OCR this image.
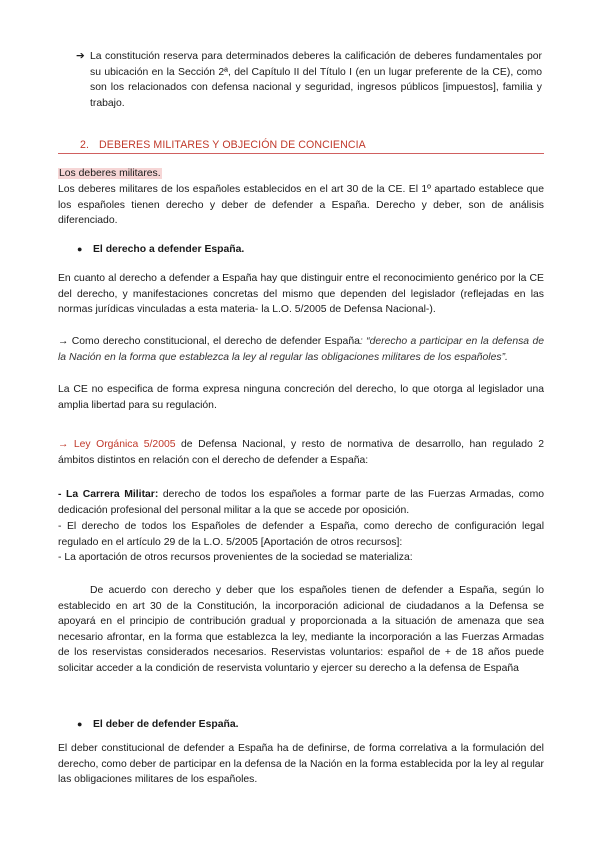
➔ La constitución reserva para determinados deberes la calificación de deberes fundamentales por su ubicación en la Sección 2ª, del Capítulo II del Título I (en un lugar preferente de la CE), como son los relacionados con defensa nacional y seguridad, ingresos públicos [impuestos], familia y trabajo.

2. DEBERES MILITARES Y OBJECIÓN DE CONCIENCIA
Los deberes militares.

Los deberes militares de los españoles establecidos en el art 30 de la CE. El 1º apartado establece que los españoles tienen derecho y deber de defender a España. Derecho y deber, son de análisis diferenciado.

● El derecho a defender España.

En cuanto al derecho a defender a España hay que distinguir entre el reconocimiento genérico por la CE del derecho, y manifestaciones concretas del mismo que dependen del legislador (reflejadas en las normas jurídicas vinculadas a esta materia- la L.O. 5/2005 de Defensa Nacional-).

→ Como derecho constitucional, el derecho de defender España: “derecho a participar en la defensa de la Nación en la forma que establezca la ley al regular las obligaciones militares de los españoles”.

La CE no especifica de forma expresa ninguna concreción del derecho, lo que otorga al legislador una amplia libertad para su regulación.

→ Ley Orgánica 5/2005 de Defensa Nacional, y resto de normativa de desarrollo, han regulado 2 ámbitos distintos en relación con el derecho de defender a España:

- La Carrera Militar: derecho de todos los españoles a formar parte de las Fuerzas Armadas, como dedicación profesional del personal militar a la que se accede por oposición.

- El derecho de todos los Españoles de defender a España, como derecho de configuración legal regulado en el artículo 29 de la L.O. 5/2005 [Aportación de otros recursos]:

- La aportación de otros recursos provenientes de la sociedad se materializa:

De acuerdo con derecho y deber que los españoles tienen de defender a España, según lo establecido en art 30 de la Constitución, la incorporación adicional de ciudadanos a la Defensa se apoyará en el principio de contribución gradual y proporcionada a la situación de amenaza que sea necesario afrontar, en la forma que establezca la ley, mediante la incorporación a las Fuerzas Armadas de los reservistas considerados necesarios. Reservistas voluntarios: español de + de 18 años puede solicitar acceder a la condición de reservista voluntario y ejercer su derecho a la defensa de España

● El deber de defender España.

El deber constitucional de defender a España ha de definirse, de forma correlativa a la formulación del derecho, como deber de participar en la defensa de la Nación en la forma establecida por la ley al regular las obligaciones militares de los españoles.
